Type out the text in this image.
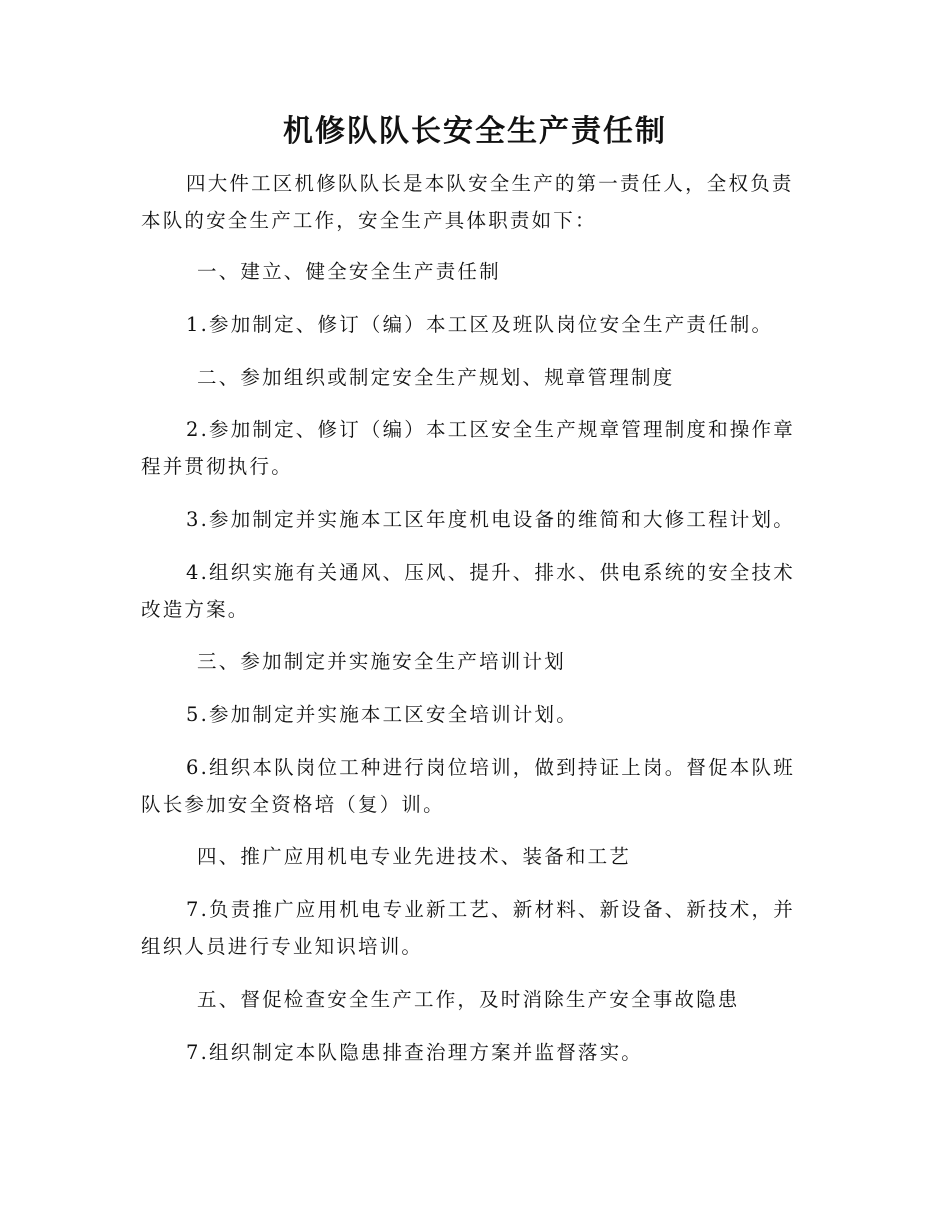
机修队队长安全生产责任制

四大件工区机修队队长是本队安全生产的第一责任人，全权负责
本队的安全生产工作，安全生产具体职责如下：

一、建立、健全安全生产责任制

1.参加制定、修订（编）本工区及班队岗位安全生产责任制。

二、参加组织或制定安全生产规划、规章管理制度

2.参加制定、修订（编）本工区安全生产规章管理制度和操作章
程并贯彻执行。

3.参加制定并实施本工区年度机电设备的维简和大修工程计划。

4.组织实施有关通风、压风、提升、排水、供电系统的安全技术
改造方案。

三、参加制定并实施安全生产培训计划

5.参加制定并实施本工区安全培训计划。

6.组织本队岗位工种进行岗位培训，做到持证上岗。督促本队班
队长参加安全资格培（复）训。

四、推广应用机电专业先进技术、装备和工艺

7.负责推广应用机电专业新工艺、新材料、新设备、新技术，并
组织人员进行专业知识培训。

五、督促检查安全生产工作，及时消除生产安全事故隐患

7.组织制定本队隐患排查治理方案并监督落实。
